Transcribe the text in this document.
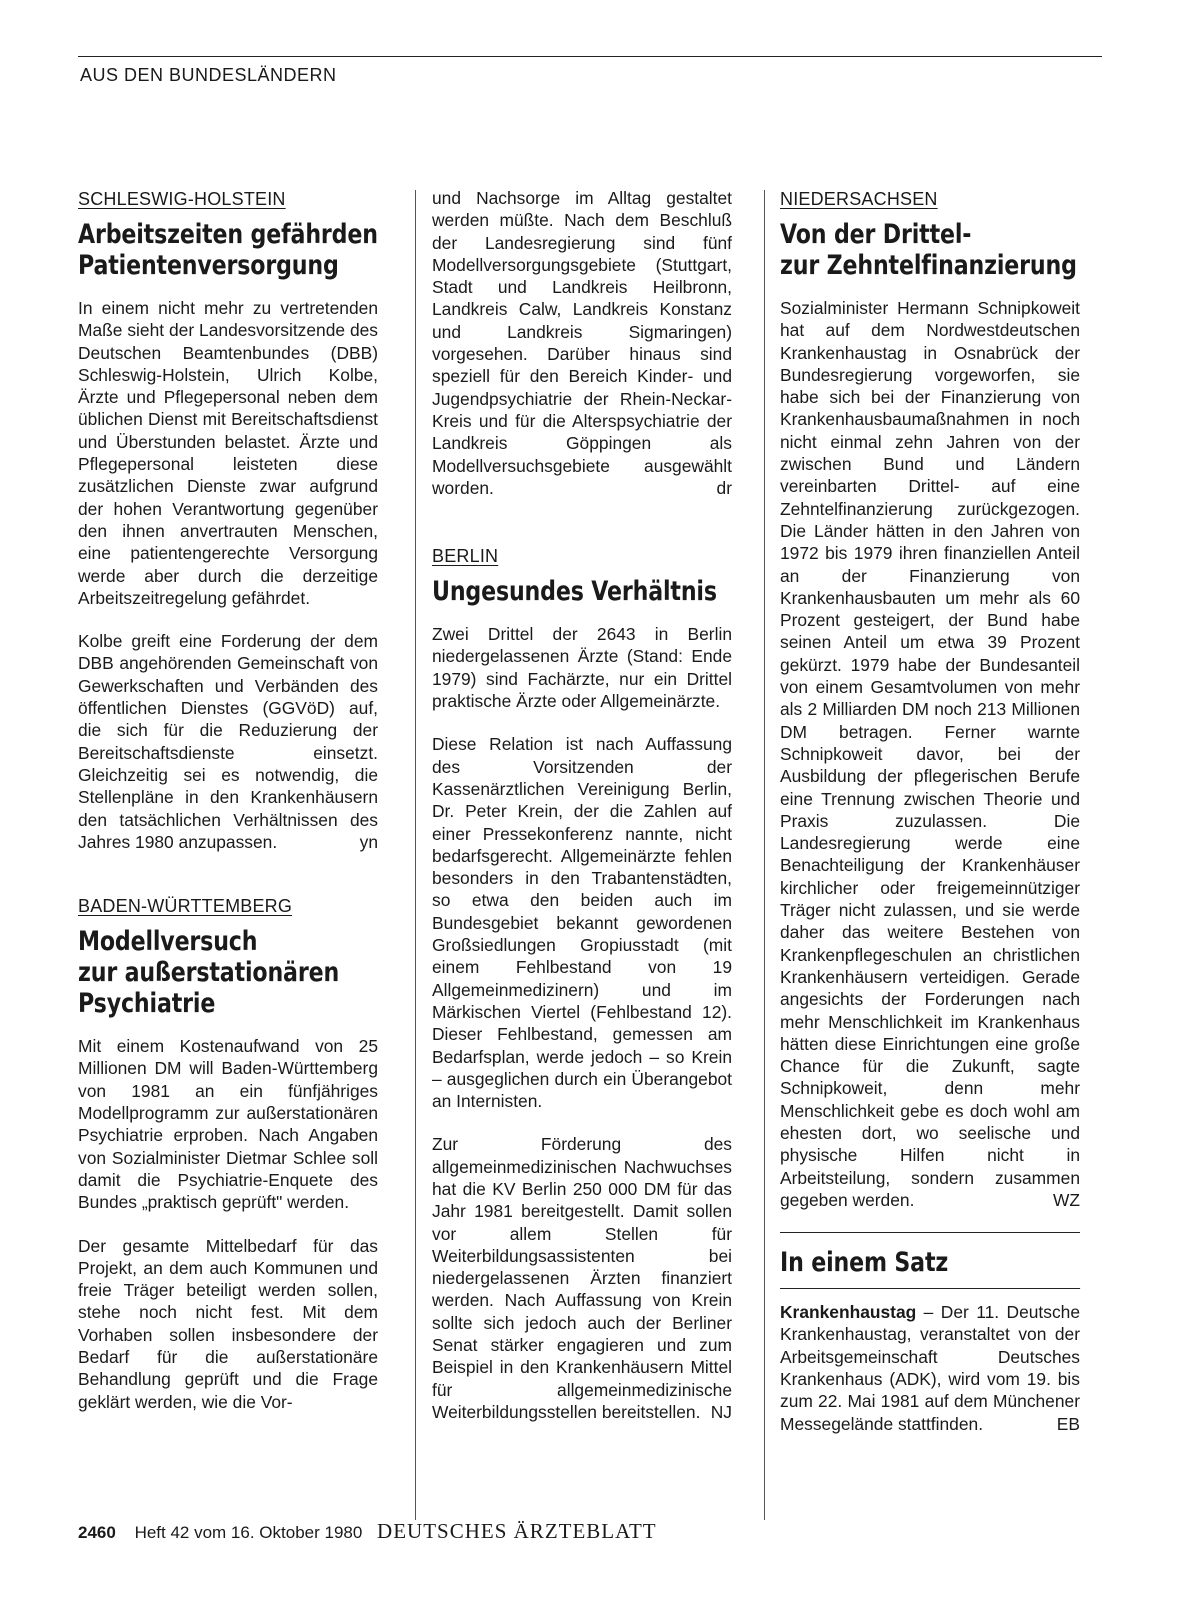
AUS DEN BUNDESLÄNDERN
SCHLESWIG-HOLSTEIN
Arbeitszeiten gefährden
Patientenversorgung

In einem nicht mehr zu vertretenden Maße sieht der Landesvorsitzende des Deutschen Beamtenbundes (DBB) Schleswig-Holstein, Ulrich Kolbe, Ärzte und Pflegepersonal neben dem üblichen Dienst mit Bereitschaftsdienst und Überstunden belastet. Ärzte und Pflegepersonal leisteten diese zusätzlichen Dienste zwar aufgrund der hohen Verantwortung gegenüber den ihnen anvertrauten Menschen, eine patientengerechte Versorgung werde aber durch die derzeitige Arbeitszeitregelung gefährdet.

Kolbe greift eine Forderung der dem DBB angehörenden Gemeinschaft von Gewerkschaften und Verbänden des öffentlichen Dienstes (GGVöD) auf, die sich für die Reduzierung der Bereitschaftsdienste einsetzt. Gleichzeitig sei es notwendig, die Stellenpläne in den Krankenhäusern den tatsächlichen Verhältnissen des Jahres 1980 anzupassen.	yn

BADEN-WÜRTTEMBERG
Modellversuch
zur außerstationären
Psychiatrie

Mit einem Kostenaufwand von 25 Millionen DM will Baden-Württemberg von 1981 an ein fünfjähriges Modellprogramm zur außerstationären Psychiatrie erproben. Nach Angaben von Sozialminister Dietmar Schlee soll damit die Psychiatrie-Enquete des Bundes „praktisch geprüft" werden.

Der gesamte Mittelbedarf für das Projekt, an dem auch Kommunen und freie Träger beteiligt werden sollen, stehe noch nicht fest. Mit dem Vorhaben sollen insbesondere der Bedarf für die außerstationäre Behandlung geprüft und die Frage geklärt werden, wie die Vor-

und Nachsorge im Alltag gestaltet werden müßte. Nach dem Beschluß der Landesregierung sind fünf Modellversorgungsgebiete (Stuttgart, Stadt und Landkreis Heilbronn, Landkreis Calw, Landkreis Konstanz und Landkreis Sigmaringen) vorgesehen. Darüber hinaus sind speziell für den Bereich Kinder- und Jugendpsychiatrie der Rhein-Neckar-Kreis und für die Alterspsychiatrie der Landkreis Göppingen als Modellversuchsgebiete ausgewählt worden.	dr

BERLIN
Ungesundes Verhältnis

Zwei Drittel der 2643 in Berlin niedergelassenen Ärzte (Stand: Ende 1979) sind Fachärzte, nur ein Drittel praktische Ärzte oder Allgemeinärzte.

Diese Relation ist nach Auffassung des Vorsitzenden der Kassenärztlichen Vereinigung Berlin, Dr. Peter Krein, der die Zahlen auf einer Pressekonferenz nannte, nicht bedarfsgerecht. Allgemeinärzte fehlen besonders in den Trabantenstädten, so etwa den beiden auch im Bundesgebiet bekannt gewordenen Großsiedlungen Gropiusstadt (mit einem Fehlbestand von 19 Allgemeinmedizinern) und im Märkischen Viertel (Fehlbestand 12). Dieser Fehlbestand, gemessen am Bedarfsplan, werde jedoch – so Krein – ausgeglichen durch ein Überangebot an Internisten.

Zur Förderung des allgemeinmedizinischen Nachwuchses hat die KV Berlin 250 000 DM für das Jahr 1981 bereitgestellt. Damit sollen vor allem Stellen für Weiterbildungsassistenten bei niedergelassenen Ärzten finanziert werden. Nach Auffassung von Krein sollte sich jedoch auch der Berliner Senat stärker engagieren und zum Beispiel in den Krankenhäusern Mittel für allgemeinmedizinische Weiterbildungsstellen bereitstellen. NJ

NIEDERSACHSEN
Von der Drittel-
zur Zehntelfinanzierung

Sozialminister Hermann Schnipkoweit hat auf dem Nordwestdeutschen Krankenhaustag in Osnabrück der Bundesregierung vorgeworfen, sie habe sich bei der Finanzierung von Krankenhausbaumaßnahmen in noch nicht einmal zehn Jahren von der zwischen Bund und Ländern vereinbarten Drittel- auf eine Zehntelfinanzierung zurückgezogen. Die Länder hätten in den Jahren von 1972 bis 1979 ihren finanziellen Anteil an der Finanzierung von Krankenhausbauten um mehr als 60 Prozent gesteigert, der Bund habe seinen Anteil um etwa 39 Prozent gekürzt. 1979 habe der Bundesanteil von einem Gesamtvolumen von mehr als 2 Milliarden DM noch 213 Millionen DM betragen. Ferner warnte Schnipkoweit davor, bei der Ausbildung der pflegerischen Berufe eine Trennung zwischen Theorie und Praxis zuzulassen. Die Landesregierung werde eine Benachteiligung der Krankenhäuser kirchlicher oder freigemeinnütziger Träger nicht zulassen, und sie werde daher das weitere Bestehen von Krankenpflegeschulen an christlichen Krankenhäusern verteidigen. Gerade angesichts der Forderungen nach mehr Menschlichkeit im Krankenhaus hätten diese Einrichtungen eine große Chance für die Zukunft, sagte Schnipkoweit, denn mehr Menschlichkeit gebe es doch wohl am ehesten dort, wo seelische und physische Hilfen nicht in Arbeitsteilung, sondern zusammen gegeben werden.	WZ

In einem Satz

Krankenhaustag – Der 11. Deutsche Krankenhaustag, veranstaltet von der Arbeitsgemeinschaft Deutsches Krankenhaus (ADK), wird vom 19. bis zum 22. Mai 1981 auf dem Münchener Messegelände stattfinden.	EB

2460 Heft 42 vom 16. Oktober 1980 DEUTSCHES ÄRZTEBLATT
